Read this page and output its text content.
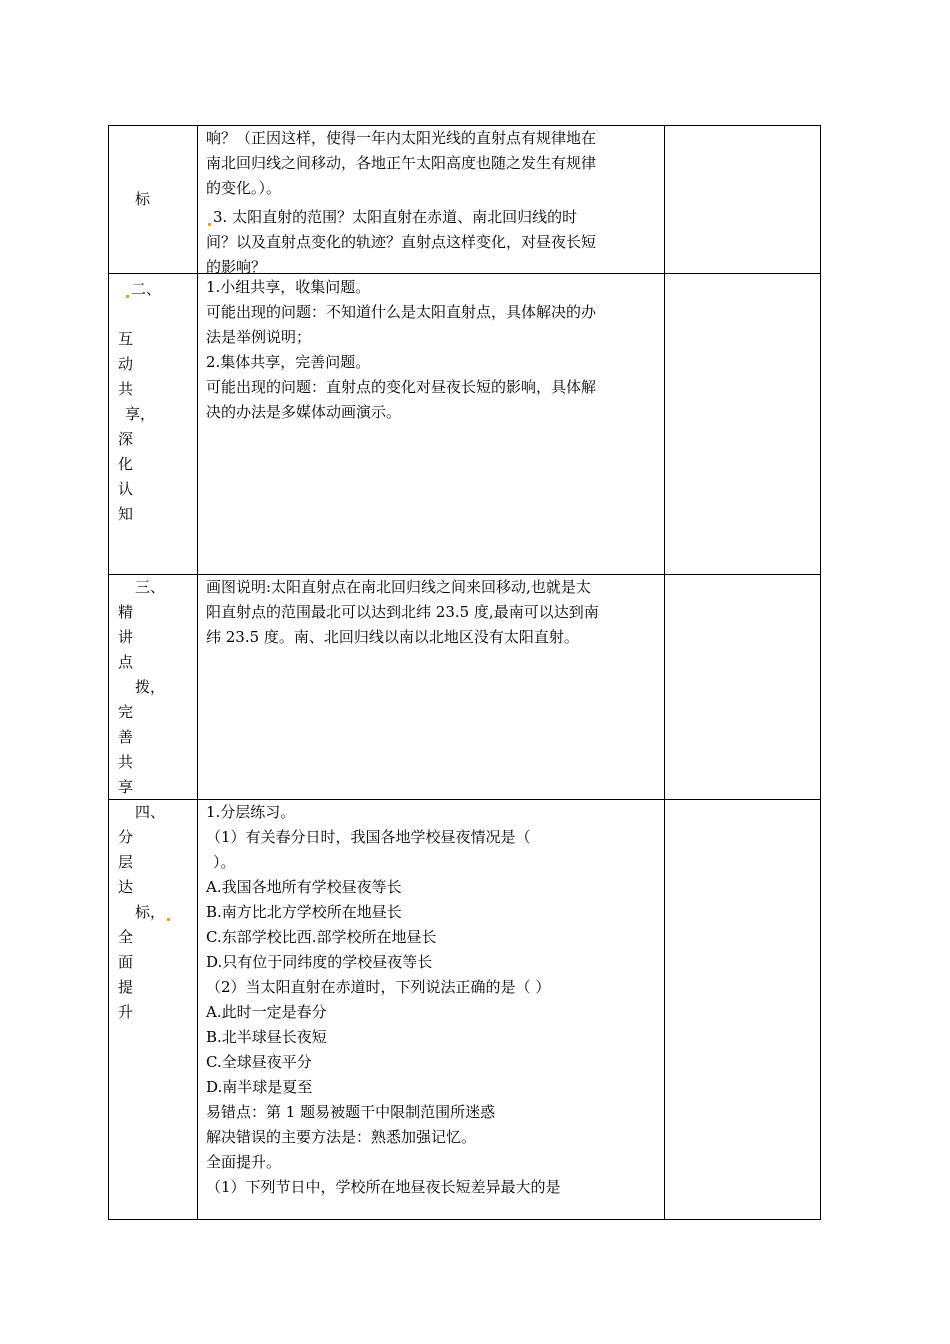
标

响？（正因这样，使得一年内太阳光线的直射点有规律地在

南北回归线之间移动，各地正午太阳高度也随之发生有规律

的变化。）。

3. 太阳直射的范围？太阳直射在赤道、南北回归线的时

间？以及直射点变化的轨迹？直射点这样变化，对昼夜长短

的影响？

二、

互

动

共

享，

深

化

认

知

1.小组共享，收集问题。

可能出现的问题：不知道什么是太阳直射点，具体解决的办

法是举例说明；

2.集体共享，完善问题。

可能出现的问题：直射点的变化对昼夜长短的影响，具体解

决的办法是多媒体动画演示。

三、

精

讲

点

拨，

完

善

共

享

画图说明:太阳直射点在南北回归线之间来回移动,也就是太

阳直射点的范围最北可以达到北纬 23.5 度,最南可以达到南

纬 23.5 度。南、北回归线以南以北地区没有太阳直射。

四、

分

层

达

标，

全

面

提

升

1.分层练习。

（1）有关春分日时，我国各地学校昼夜情况是（

）。

A.我国各地所有学校昼夜等长

B.南方比北方学校所在地昼长

C.东部学校比西.部学校所在地昼长

D.只有位于同纬度的学校昼夜等长

（2）当太阳直射在赤道时，下列说法正确的是（ ）

A.此时一定是春分

B.北半球昼长夜短

C.全球昼夜平分

D.南半球是夏至

易错点：第 1 题易被题干中限制范围所迷惑

解决错误的主要方法是：熟悉加强记忆。

全面提升。

（1）下列节日中，学校所在地昼夜长短差异最大的是
